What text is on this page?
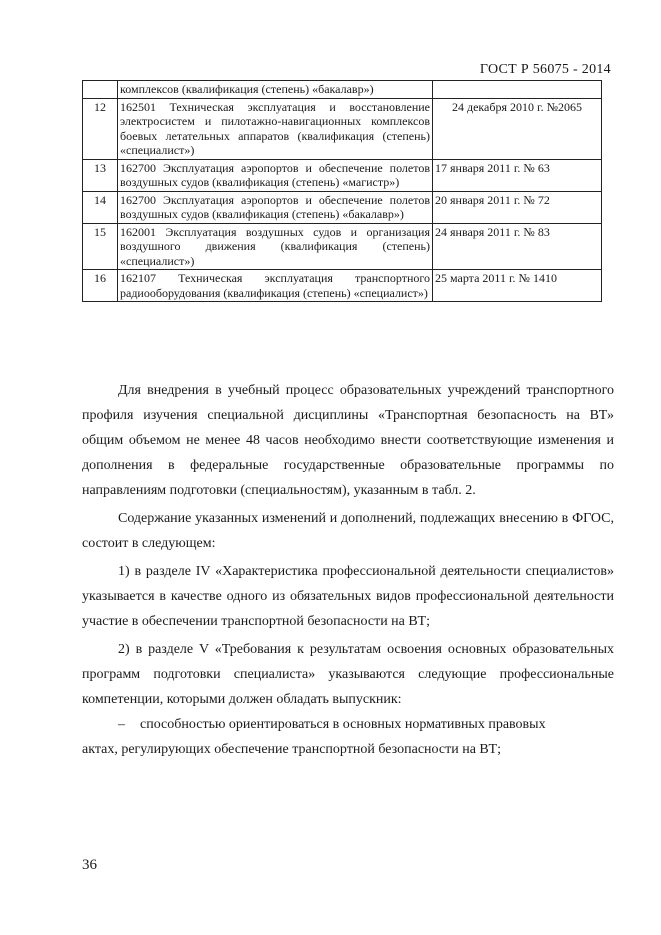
ГОСТ Р 56075 - 2014
	комплексов (квалификация (степень) «бакалавр»)	
12	162501 Техническая эксплуатация и восстановление электросистем и пилотажно-навигационных комплексов боевых летательных аппаратов (квалификация (степень) «специалист»)	24 декабря 2010 г. №2065
13	162700 Эксплуатация аэропортов и обеспечение полетов воздушных судов (квалификация (степень) «магистр»)	17 января 2011 г. № 63
14	162700 Эксплуатация аэропортов и обеспечение полетов воздушных судов (квалификация (степень) «бакалавр»)	20 января 2011 г. № 72
15	162001 Эксплуатация воздушных судов и организация воздушного движения (квалификация (степень) «специалист»)	24 января 2011 г. № 83
16	162107 Техническая эксплуатация транспортного радиооборудования (квалификация (степень) «специалист»)	25 марта 2011 г. № 1410

Для внедрения в учебный процесс образовательных учреждений транспортного профиля изучения специальной дисциплины «Транспортная безопасность на ВТ» общим объемом не менее 48 часов необходимо внести соответствующие изменения и дополнения в федеральные государственные образовательные программы по направлениям подготовки (специальностям), указанным в табл. 2.

Содержание указанных изменений и дополнений, подлежащих внесению в ФГОС, состоит в следующем:

1) в разделе IV «Характеристика профессиональной деятельности специалистов» указывается в качестве одного из обязательных видов профессиональной деятельности участие в обеспечении транспортной безопасности на ВТ;

2) в разделе V «Требования к результатам освоения основных образовательных программ подготовки специалиста» указываются следующие профессиональные компетенции, которыми должен обладать выпускник:

–	способностью ориентироваться в основных нормативных правовых

актах, регулирующих обеспечение транспортной безопасности на ВТ;

36
